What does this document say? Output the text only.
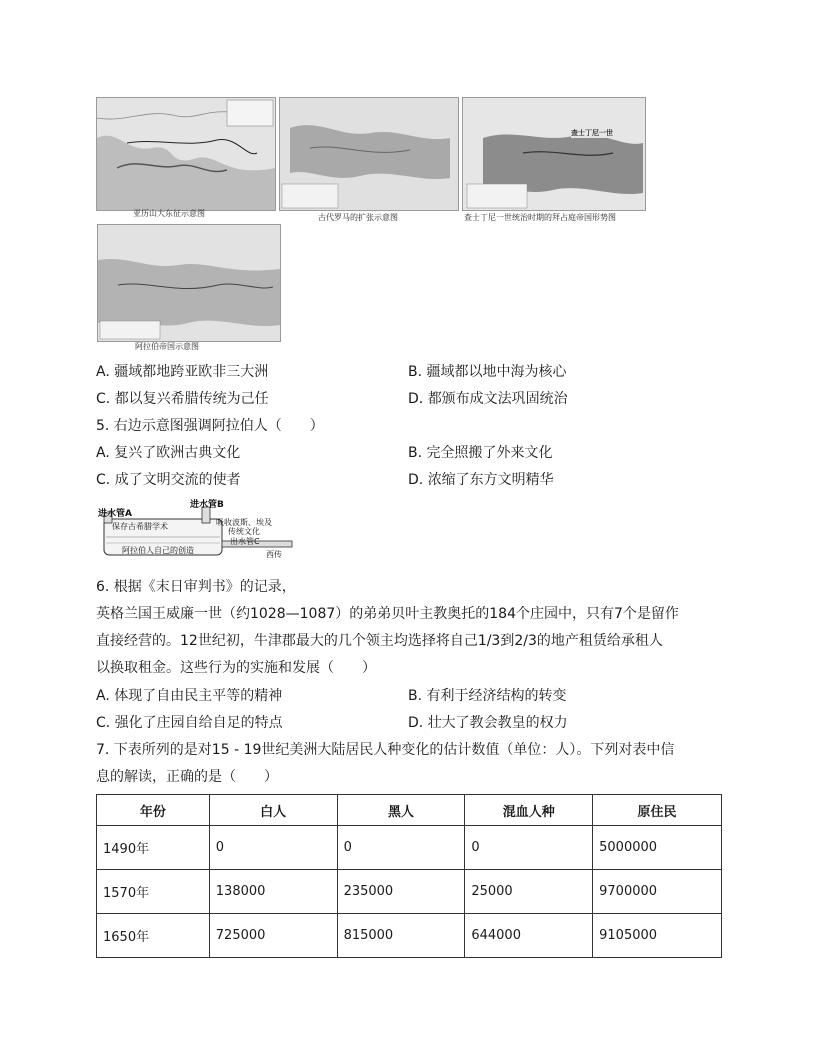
亚历山大东征示意图	古代罗马的扩张示意图
查士丁尼一世
查士丁尼一世统治时期的拜占庭帝国形势图
阿拉伯帝国示意图
A. 疆域都地跨亚欧非三大洲	B. 疆域都以地中海为核心
C. 都以复兴希腊传统为己任	D. 都颁布成文法巩固统治
5. 右边示意图强调阿拉伯人（　　）
A. 复兴了欧洲古典文化	B. 完全照搬了外来文化
C. 成了文明交流的使者	D. 浓缩了东方文明精华
进水管A
进水管B
保存古希腊学术	吸收波斯、埃及
传统文化
出水管C
西传
阿拉伯人自己的创造
6. 根据《末日审判书》的记录，
英格兰国王威廉一世（约1028—1087）的弟弟贝叶主教奥托的184个庄园中，只有7个是留作
直接经营的。12世纪初，牛津郡最大的几个领主均选择将自己1/3到2/3的地产租赁给承租人
以换取租金。这些行为的实施和发展（　　）
A. 体现了自由民主平等的精神	B. 有利于经济结构的转变
C. 强化了庄园自给自足的特点	D. 壮大了教会教皇的权力
7. 下表所列的是对15 - 19世纪美洲大陆居民人种变化的估计数值（单位：人）。下列对表中信
息的解读，正确的是（　　）
年份	白人	黑人	混血人种	原住民
1490年	0	0	0	5000000
1570年	138000	235000	25000	9700000
1650年	725000	815000	644000	9105000
